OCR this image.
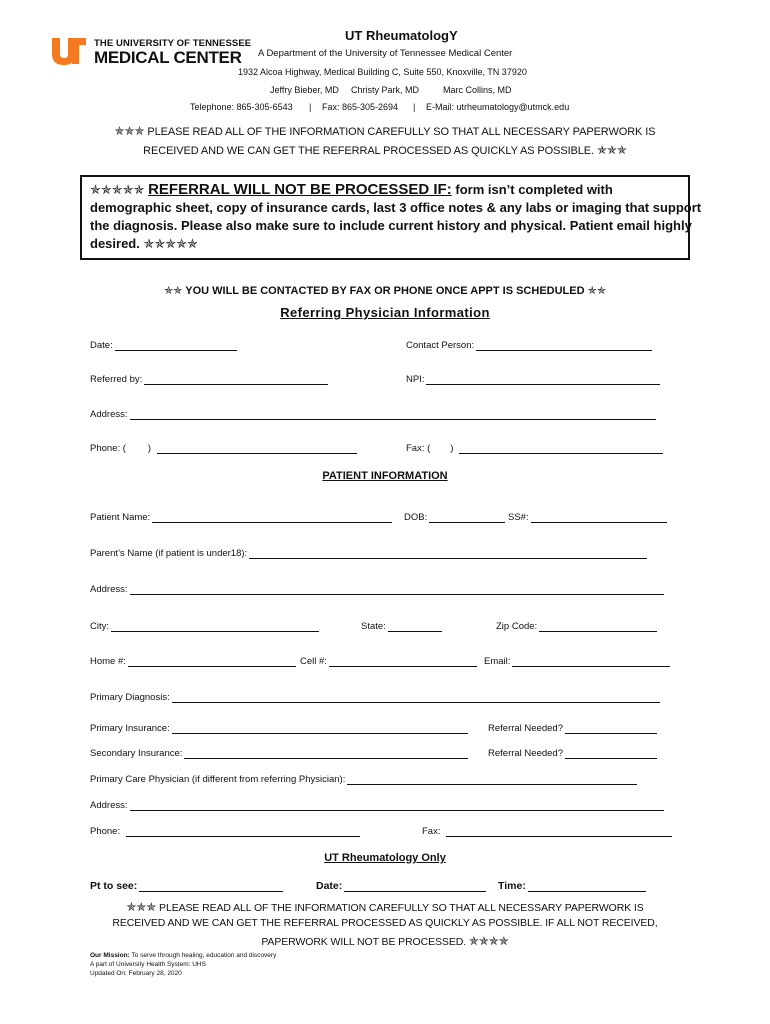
THE UNIVERSITY OF TENNESSEE
MEDICAL CENTER
UT RheumatologY
A Department of the University of Tennessee Medical Center
1932 Alcoa Highway, Medical Building C, Suite 550, Knoxville, TN 37920
Jeffry Bieber, MD Christy Park, MD	Marc Collins, MD
Telephone: 865-305-6543 | Fax: 865-305-2694 | E-Mail: utrheumatology@utmck.edu
✯✯✯ PLEASE READ ALL OF THE INFORMATION CAREFULLY SO THAT ALL NECESSARY PAPERWORK IS
RECEIVED AND WE CAN GET THE REFERRAL PROCESSED AS QUICKLY AS POSSIBLE. ✯✯✯
✯✯✯✯✯ REFERRAL WILL NOT BE PROCESSED IF: form isn’t completed with
demographic sheet, copy of insurance cards, last 3 office notes & any labs or imaging that support
the diagnosis. Please also make sure to include current history and physical. Patient email highly
desired. ✯✯✯✯✯
✯✯ YOU WILL BE CONTACTED BY FAX OR PHONE ONCE APPT IS SCHEDULED ✯✯
Referring Physician Information
Date:	Contact Person:
Referred by:	NPI:
Address:
Phone: ( )	Fax: ( )
PATIENT INFORMATION
Patient Name:	DOB:	SS#:
Parent’s Name (if patient is under18):
Address:
City:	State:	Zip Code:
Home #:	Cell #:	Email:
Primary Diagnosis:
Primary Insurance:	Referral Needed?
Secondary Insurance:	Referral Needed?
Primary Care Physician (if different from referring Physician):
Address:
Phone:	Fax:
UT Rheumatology Only
Pt to see:	Date:	Time:
✯✯✯ PLEASE READ ALL OF THE INFORMATION CAREFULLY SO THAT ALL NECESSARY PAPERWORK IS
RECEIVED AND WE CAN GET THE REFERRAL PROCESSED AS QUICKLY AS POSSIBLE. IF ALL NOT RECEIVED,
PAPERWORK WILL NOT BE PROCESSED. ✯✯✯✯
Our Mission: To serve through healing, education and discovery
A part of University Health System: UHS
Updated On: February 28, 2020
